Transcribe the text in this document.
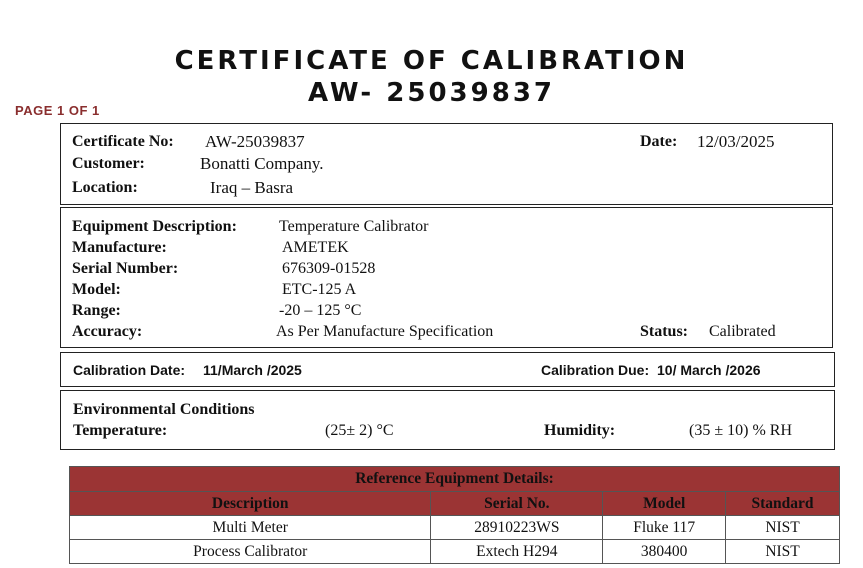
CERTIFICATE OF CALIBRATION
AW- 25039837
PAGE 1 OF 1
Certificate No: AW-25039837	Date: 12/03/2025
Customer:	Bonatti Company.
Location:	Iraq – Basra
Equipment Description:	Temperature Calibrator
Manufacture:	AMETEK
Serial Number:	676309-01528
Model:	ETC-125 A
Range:	-20 – 125 °C
Accuracy:	As Per Manufacture Specification	Status: Calibrated
Calibration Date: 11/March /2025	Calibration Due: 10/ March /2026
Environmental Conditions
Temperature:	(25± 2) °C	Humidity:	(35 ± 10) % RH
Reference Equipment Details:			
Description	Serial No.	Model	Standard
Multi Meter	28910223WS	Fluke 117	NIST
Process Calibrator	Extech H294	380400	NIST
